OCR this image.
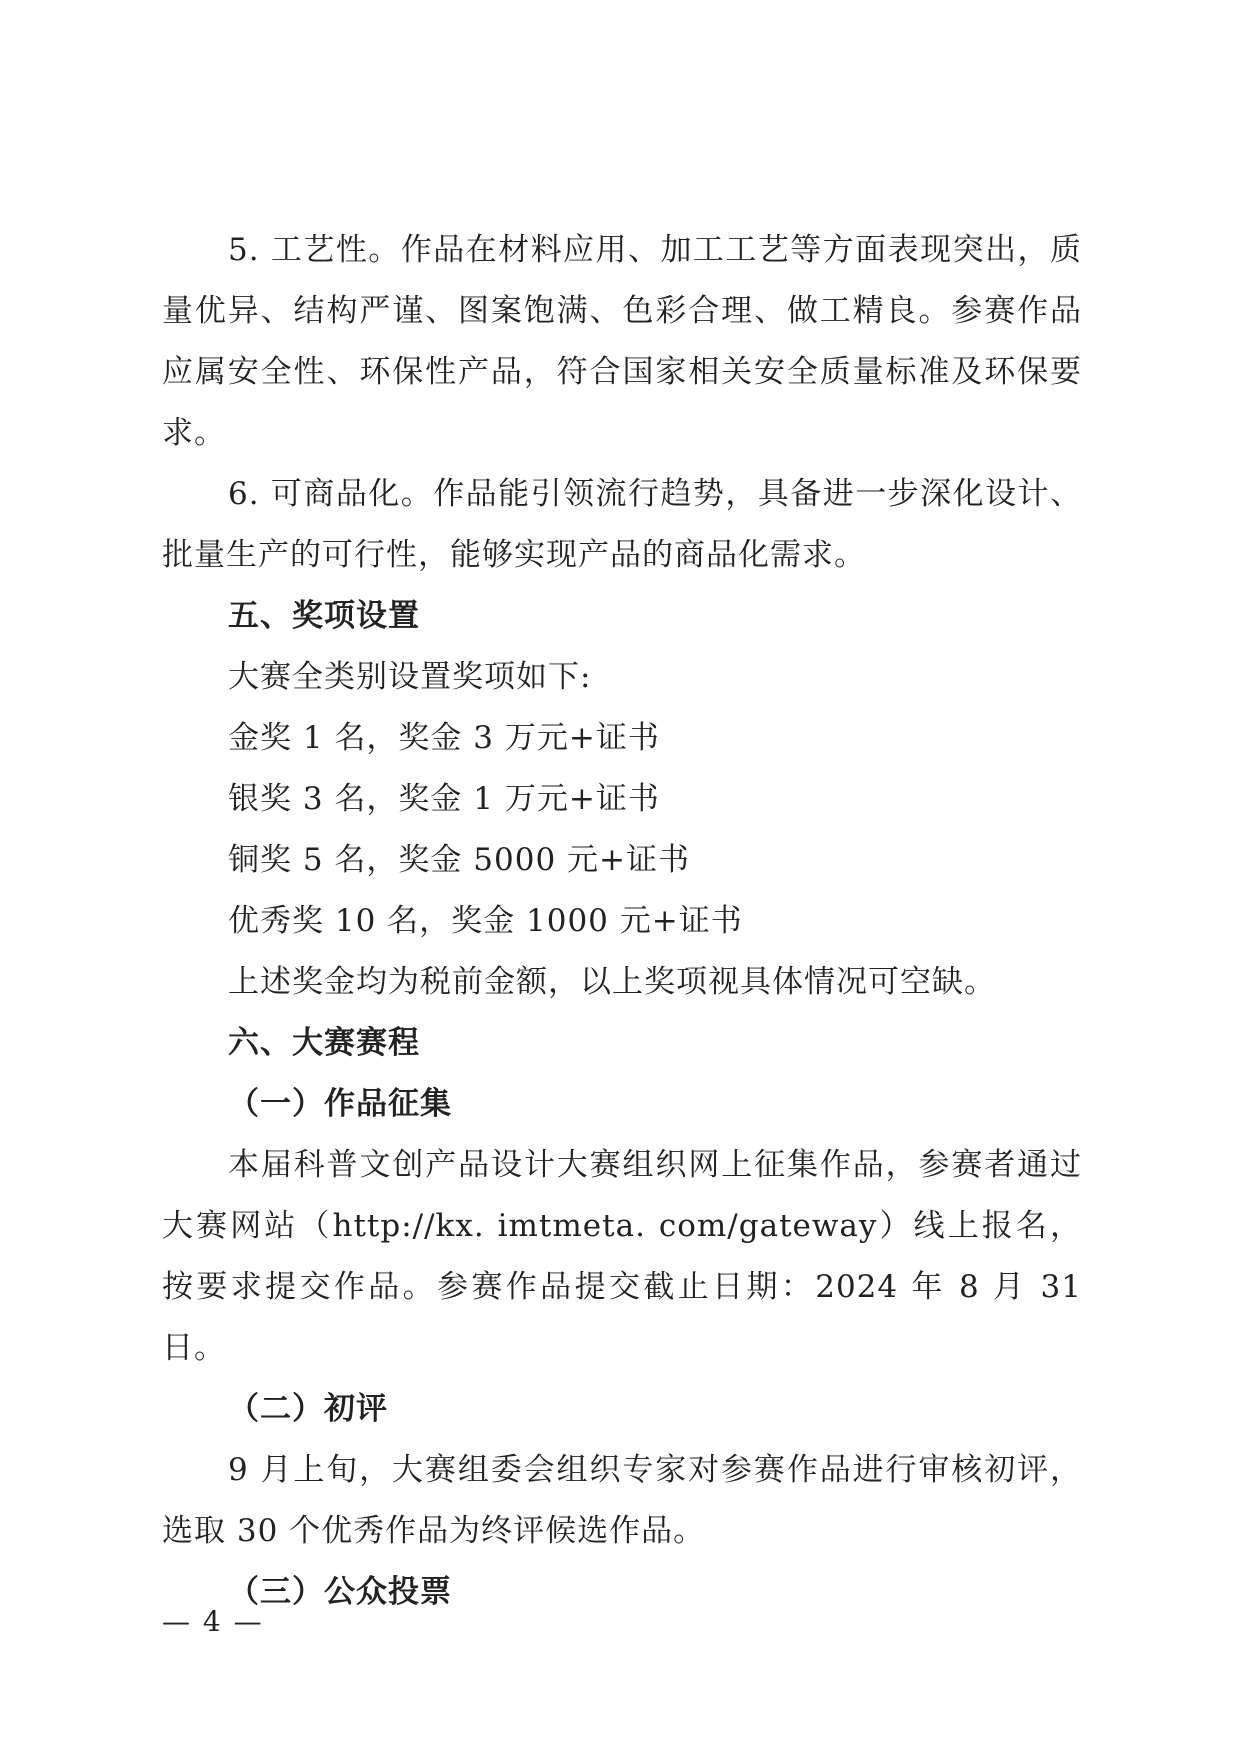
5. 工艺性。作品在材料应用、加工工艺等方面表现突出，质量优异、结构严谨、图案饱满、色彩合理、做工精良。参赛作品应属安全性、环保性产品，符合国家相关安全质量标准及环保要求。

6. 可商品化。作品能引领流行趋势，具备进一步深化设计、批量生产的可行性，能够实现产品的商品化需求。

五、奖项设置

大赛全类别设置奖项如下:

金奖 1 名，奖金 3 万元+证书

银奖 3 名，奖金 1 万元+证书

铜奖 5 名，奖金 5000 元+证书

优秀奖 10 名，奖金 1000 元+证书

上述奖金均为税前金额，以上奖项视具体情况可空缺。

六、大赛赛程

（一）作品征集

本届科普文创产品设计大赛组织网上征集作品，参赛者通过大赛网站（http://kx. imtmeta. com/gateway）线上报名，按要求提交作品。参赛作品提交截止日期：2024 年 8 月 31 日。

（二）初评

9 月上旬，大赛组委会组织专家对参赛作品进行审核初评，选取 30 个优秀作品为终评候选作品。

（三）公众投票

— 4 —
